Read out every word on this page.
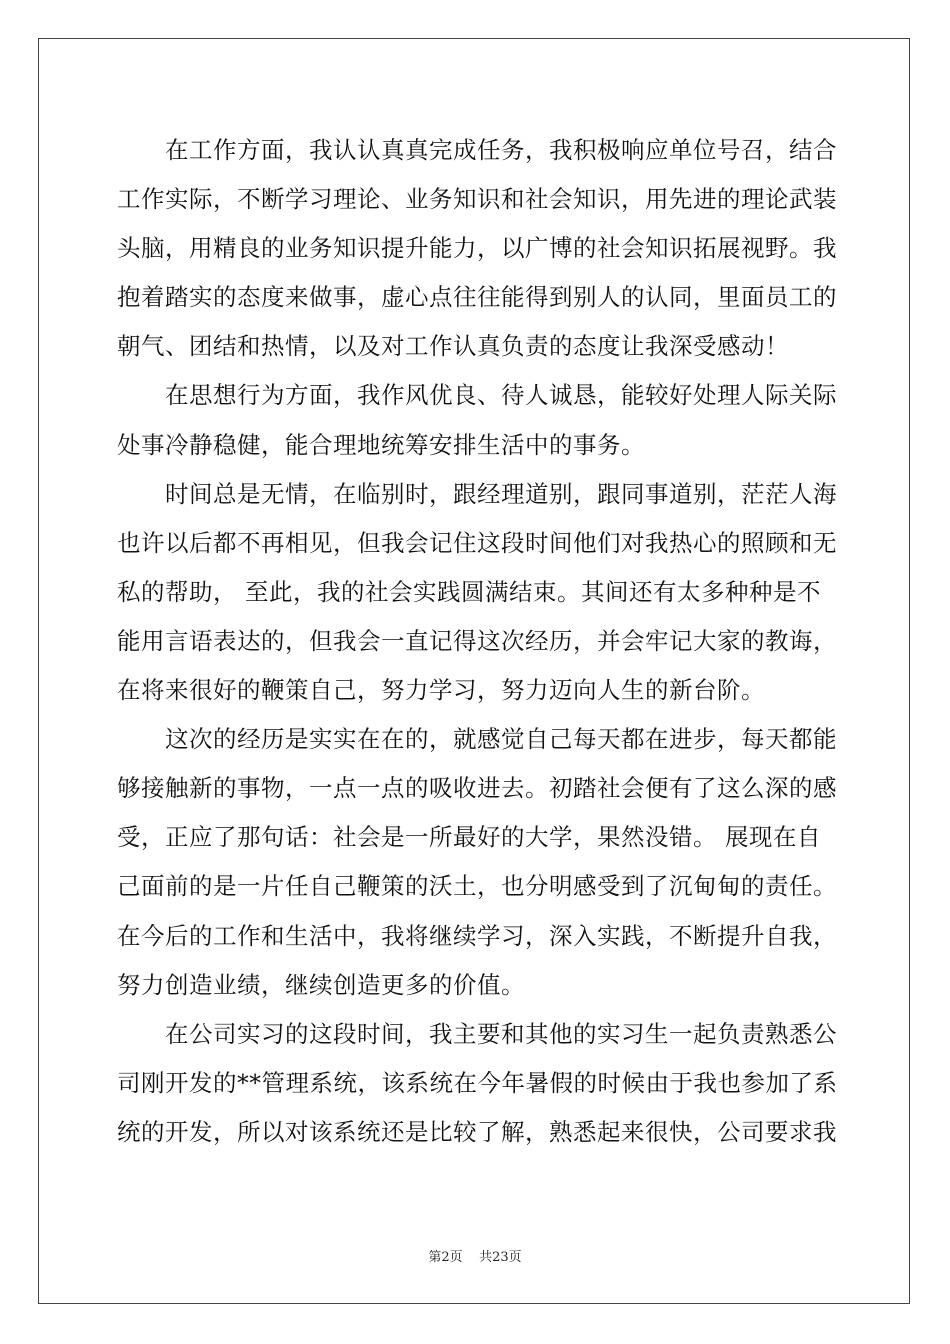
在工作方面，我认认真真完成任务，我积极响应单位号召，结合
工作实际，不断学习理论、业务知识和社会知识，用先进的理论武装
头脑，用精良的业务知识提升能力，以广博的社会知识拓展视野。我
抱着踏实的态度来做事，虚心点往往能得到别人的认同，里面员工的
朝气、团结和热情，以及对工作认真负责的态度让我深受感动！

在思想行为方面，我作风优良、待人诚恳，能较好处理人际关际
处事冷静稳健，能合理地统筹安排生活中的事务。

时间总是无情，在临别时，跟经理道别，跟同事道别，茫茫人海
也许以后都不再相见，但我会记住这段时间他们对我热心的照顾和无
私的帮助， 至此，我的社会实践圆满结束。其间还有太多种种是不
能用言语表达的，但我会一直记得这次经历，并会牢记大家的教诲，
在将来很好的鞭策自己，努力学习，努力迈向人生的新台阶。

这次的经历是实实在在的，就感觉自己每天都在进步，每天都能
够接触新的事物，一点一点的吸收进去。初踏社会便有了这么深的感
受，正应了那句话：社会是一所最好的大学，果然没错。 展现在自
己面前的是一片任自己鞭策的沃土，也分明感受到了沉甸甸的责任。
在今后的工作和生活中，我将继续学习，深入实践，不断提升自我，
努力创造业绩，继续创造更多的价值。

在公司实习的这段时间，我主要和其他的实习生一起负责熟悉公
司刚开发的**管理系统，该系统在今年暑假的时候由于我也参加了系
统的开发，所以对该系统还是比较了解，熟悉起来很快，公司要求我

第2页 共23页
